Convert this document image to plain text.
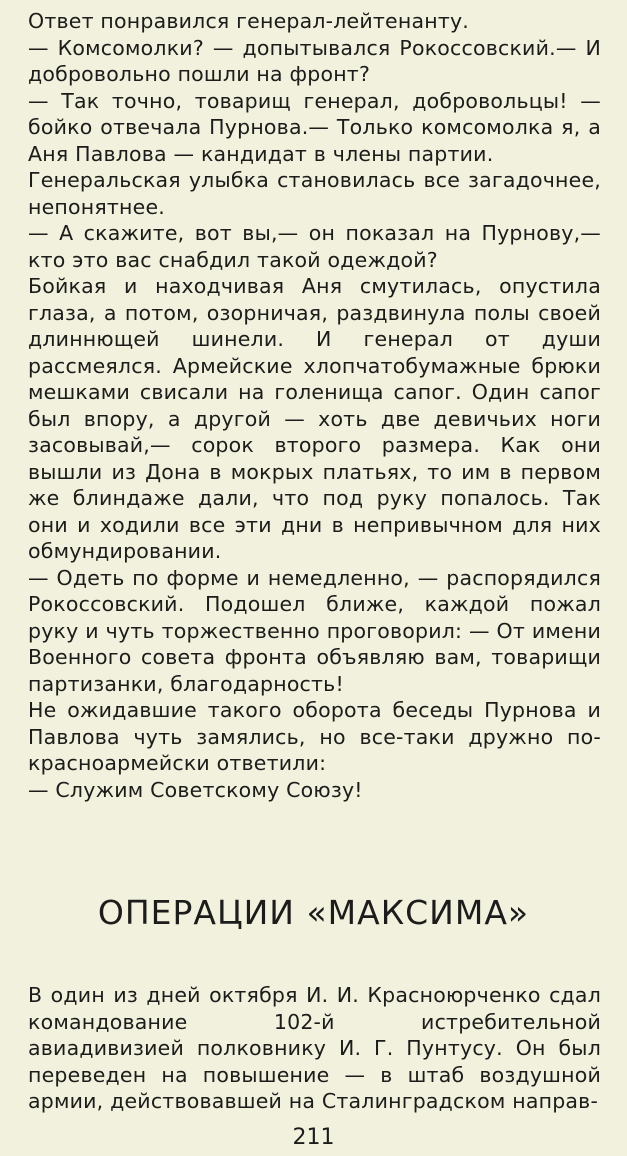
Ответ понравился генерал-лейтенанту.

— Комсомолки? — допытывался Рокоссовский.— И добровольно пошли на фронт?

— Так точно, товарищ генерал, добровольцы! — бойко отвечала Пурнова.— Только комсомолка я, а Аня Павлова — кандидат в члены партии.

Генеральская улыбка становилась все загадочнее, непонятнее.

— А скажите, вот вы,— он показал на Пурнову,— кто это вас снабдил такой одеждой?

Бойкая и находчивая Аня смутилась, опустила глаза, а потом, озорничая, раздвинула полы своей длиннющей шинели. И генерал от души рассмеялся. Армейские хлопчатобумажные брюки мешками свисали на голенища сапог. Один сапог был впору, а другой — хоть две девичьих ноги засовывай,— сорок второго размера. Как они вышли из Дона в мокрых платьях, то им в первом же блиндаже дали, что под руку попалось. Так они и ходили все эти дни в непривычном для них обмундировании.

— Одеть по форме и немедленно, — распорядился Рокоссовский. Подошел ближе, каждой пожал руку и чуть торжественно проговорил: — От имени Военного совета фронта объявляю вам, товарищи партизанки, благодарность!

Не ожидавшие такого оборота беседы Пурнова и Павлова чуть замялись, но все-таки дружно по-красноармейски ответили:

— Служим Советскому Союзу!

ОПЕРАЦИИ «МАКСИМА»

В один из дней октября И. И. Красноюрченко сдал командование 102-й истребительной авиадивизией полковнику И. Г. Пунтусу. Он был переведен на повышение — в штаб воздушной армии, действовавшей на Сталинградском направ-

211
